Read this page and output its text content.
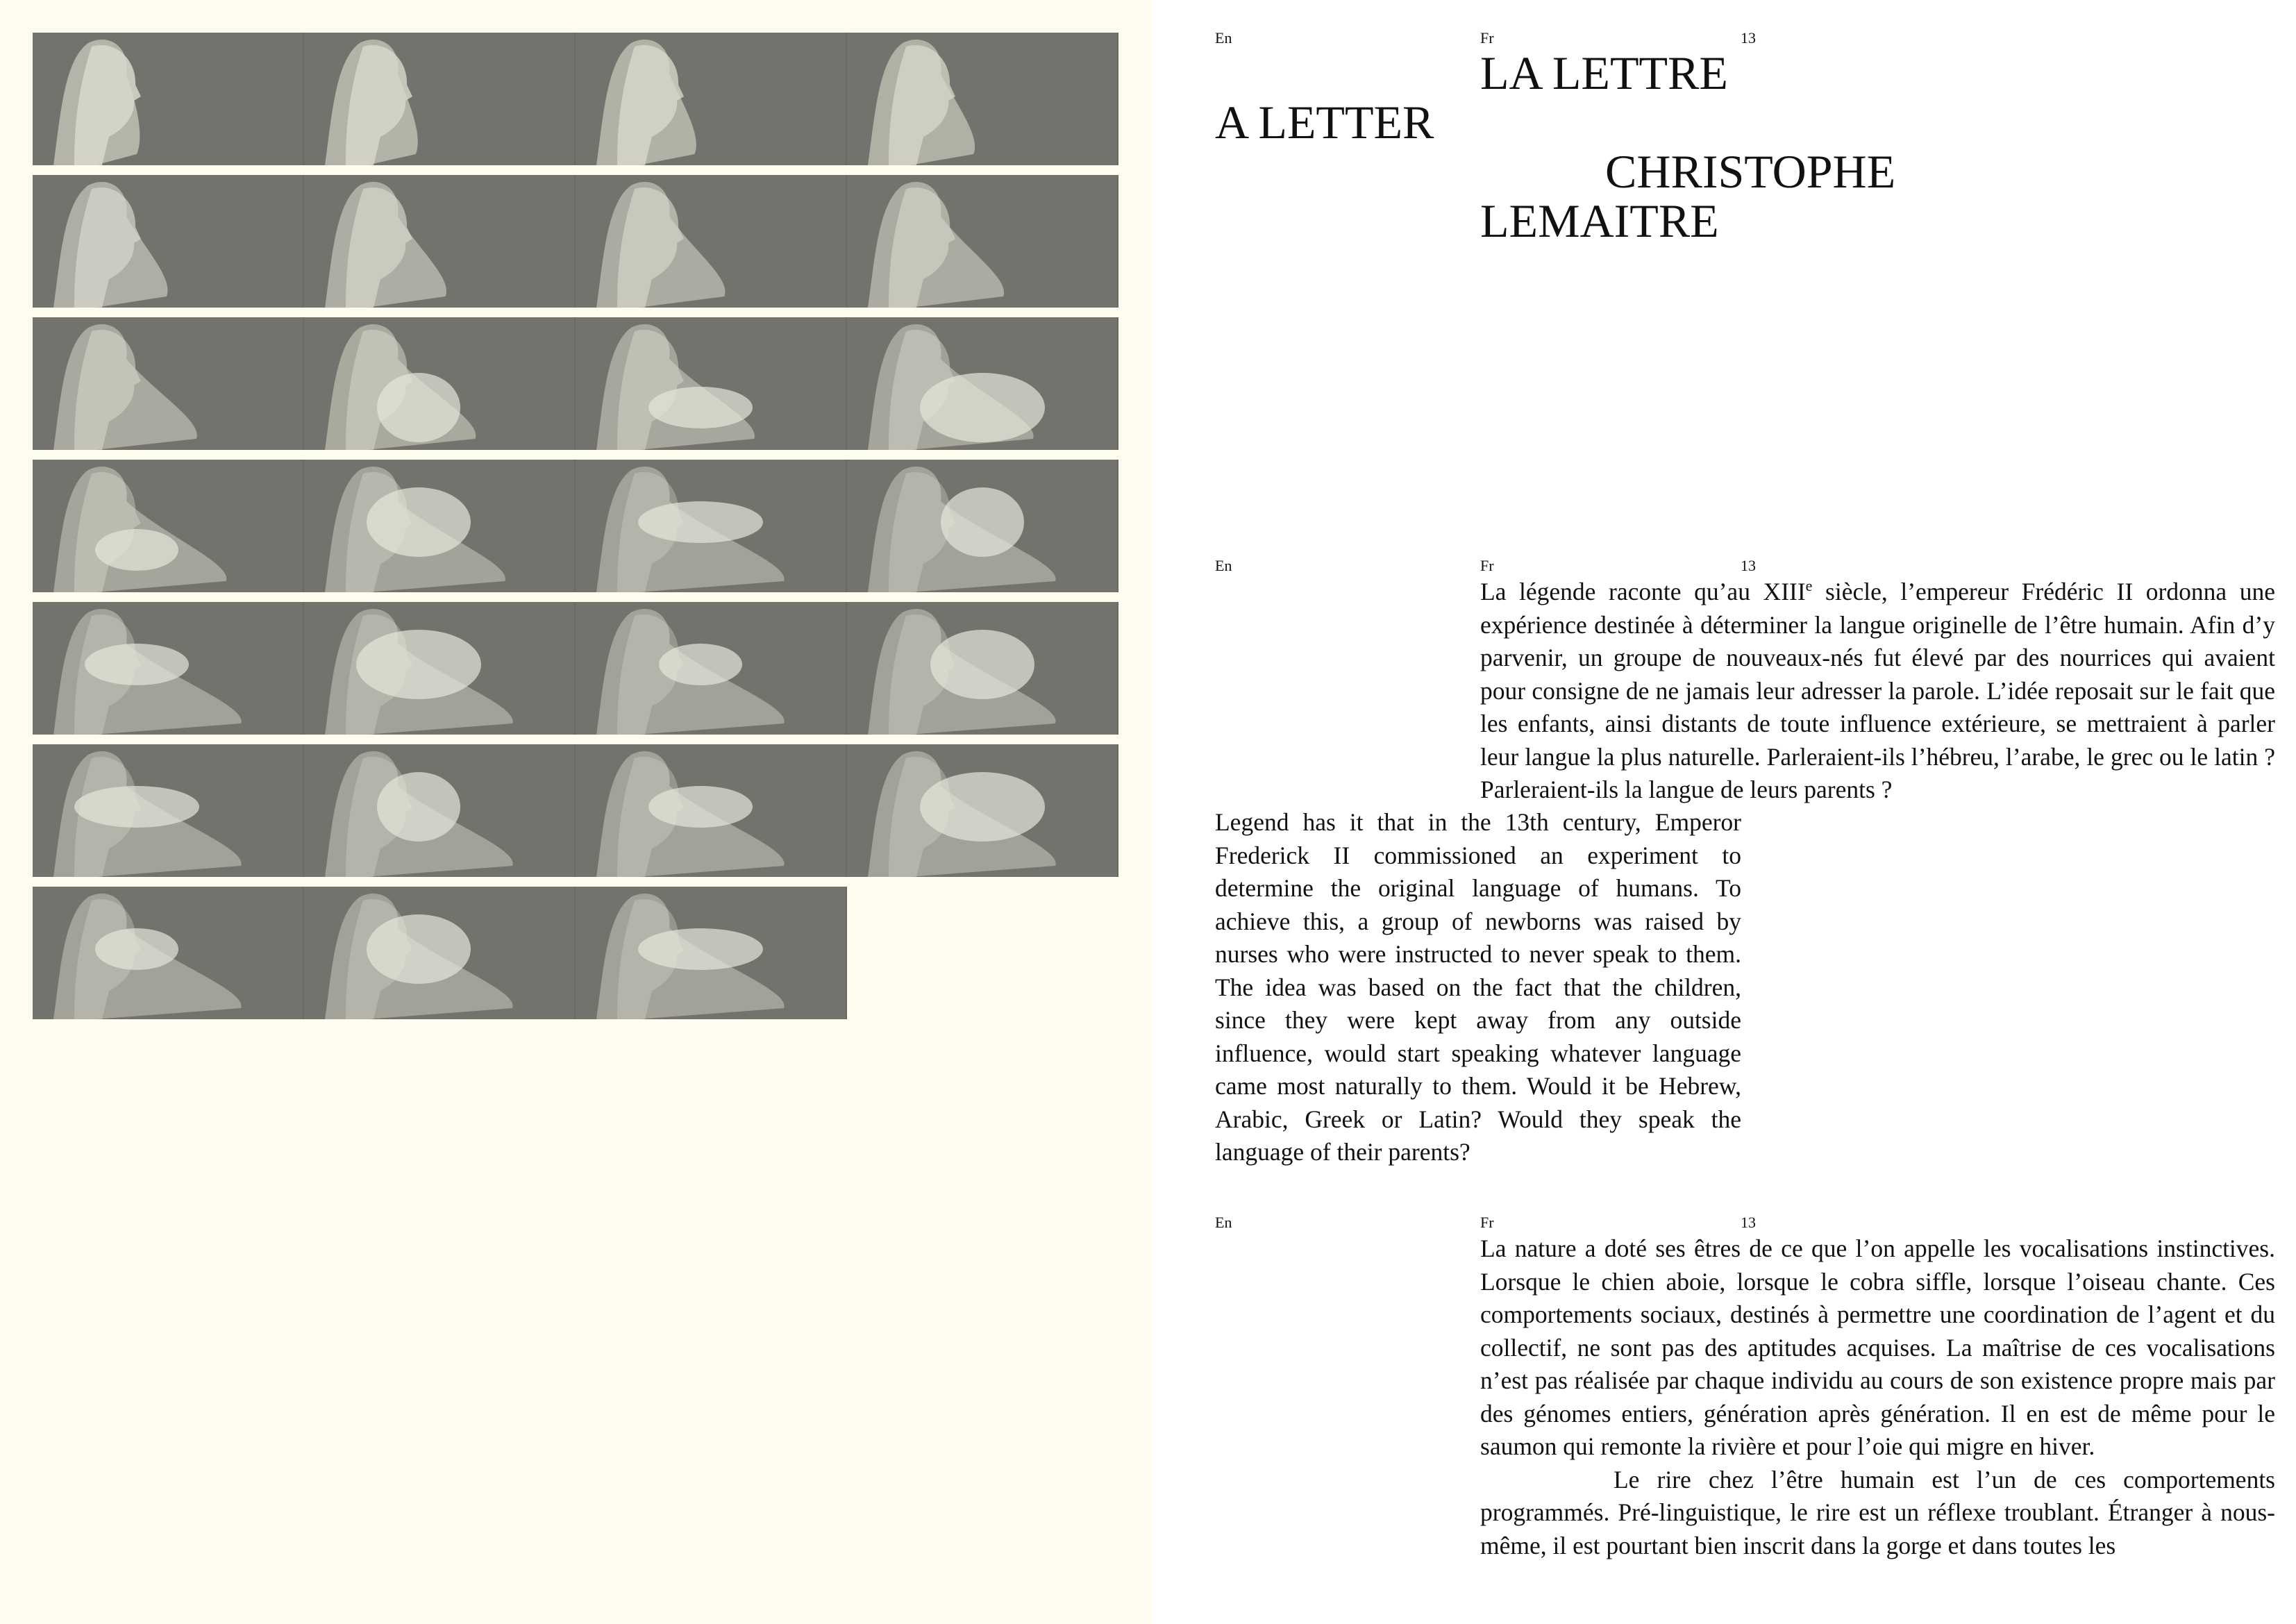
En	Fr	13
LA LETTRE
A LETTER
CHRISTOPHE
LEMAITRE
En	Fr	13

La légende raconte qu’au XIIIe siècle, l’empereur Frédéric II ordonna une expérience destinée à déterminer la langue originelle de l’être humain. Afin d’y parvenir, un groupe de nouveaux-nés fut élevé par des nourrices qui avaient pour consigne de ne jamais leur adresser la parole. L’idée reposait sur le fait que les enfants, ainsi distants de toute influence extérieure, se mettraient à parler leur langue la plus naturelle. Parleraient-ils l’hébreu, l’arabe, le grec ou le latin ? Parleraient-ils la langue de leurs parents ?

Legend has it that in the 13th century, Emperor Frederick II commissioned an experiment to determine the original language of humans. To achieve this, a group of newborns was raised by nurses who were instructed to never speak to them. The idea was based on the fact that the children, since they were kept away from any outside influence, would start speaking whatever language came most naturally to them. Would it be Hebrew, Arabic, Greek or Latin? Would they speak the language of their parents?
En	Fr	13

La nature a doté ses êtres de ce que l’on appelle les vocalisations instinctives. Lorsque le chien aboie, lorsque le cobra siffle, lorsque l’oiseau chante. Ces comportements sociaux, destinés à permettre une coordination de l’agent et du collectif, ne sont pas des aptitudes acquises. La maîtrise de ces vocalisations n’est pas réalisée par chaque individu au cours de son existence propre mais par des génomes entiers, génération après génération. Il en est de même pour le saumon qui remonte la rivière et pour l’oie qui migre en hiver.

Le rire chez l’être humain est l’un de ces comportements programmés. Pré-linguistique, le rire est un réflexe troublant. Étranger à nous-même, il est pourtant bien inscrit dans la gorge et dans toutes les
